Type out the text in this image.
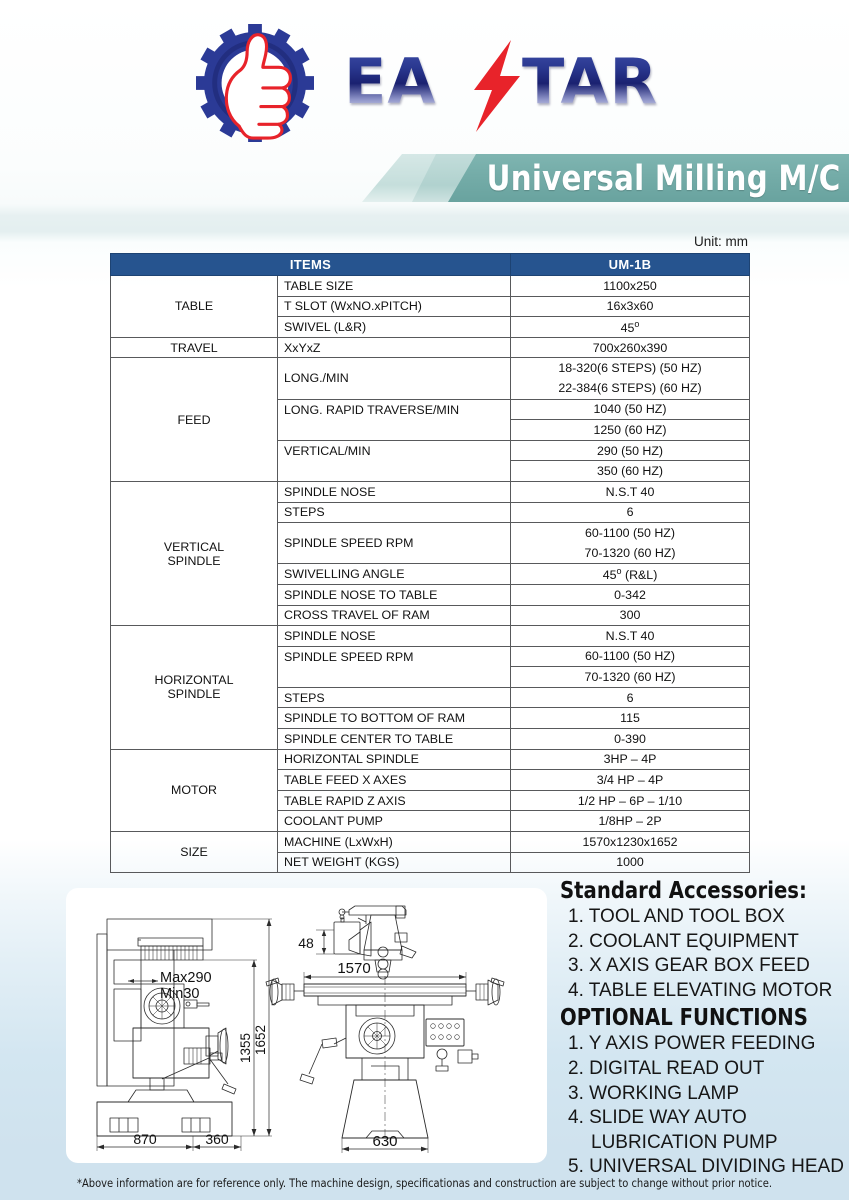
EA TAR
Universal Milling M/C
Unit: mm
ITEMS		UM-1B
TABLE	TABLE SIZE	1100x250
	T SLOT (WxNO.xPITCH)	16x3x60
	SWIVEL (L&R)	45$^o$
TRAVEL	XxYxZ	700x260x390
FEED	LONG./MIN	18-320(6 STEPS) (50 HZ)
22-384(6 STEPS) (60 HZ)

	LONG. RAPID TRAVERSE/MIN	1040 (50 HZ)
		1250 (60 HZ)
	VERTICAL/MIN	290 (50 HZ)
		350 (60 HZ)

VERTICAL
SPINDLE	SPINDLE NOSE	N.S.T 40
	STEPS	6
	SPINDLE SPEED RPM	60-1100 (50 HZ)
70-1320 (60 HZ)

	SWIVELLING ANGLE	45$^o$ (R&L)
	SPINDLE NOSE TO TABLE	0-342
	CROSS TRAVEL OF RAM	300

HORIZONTAL
SPINDLE	SPINDLE NOSE	N.S.T 40
	SPINDLE SPEED RPM	60-1100 (50 HZ)
		70-1320 (60 HZ)
	STEPS	6
	SPINDLE TO BOTTOM OF RAM	115
	SPINDLE CENTER TO TABLE	0-390
MOTOR	HORIZONTAL SPINDLE	3HP – 4P
	TABLE FEED X AXES	3/4 HP – 4P
	TABLE RAPID Z AXIS	1/2 HP – 6P – 1/10
	COOLANT PUMP	1/8HP – 2P
SIZE	MACHINE (LxWxH)	1570x1230x1652
	NET WEIGHT (KGS)	1000
Max290
Min30
1355 1652
870	360
48
1570
630
Standard Accessories:
1. TOOL AND TOOL BOX
2. COOLANT EQUIPMENT
3. X AXIS GEAR BOX FEED
4. TABLE ELEVATING MOTOR
OPTIONAL FUNCTIONS
1. Y AXIS POWER FEEDING
2. DIGITAL READ OUT
3. WORKING LAMP
4. SLIDE WAY AUTO
LUBRICATION PUMP
5. UNIVERSAL DIVIDING HEAD
*Above information are for reference only. The machine design, specificationas and construction are subject to change without prior notice.
